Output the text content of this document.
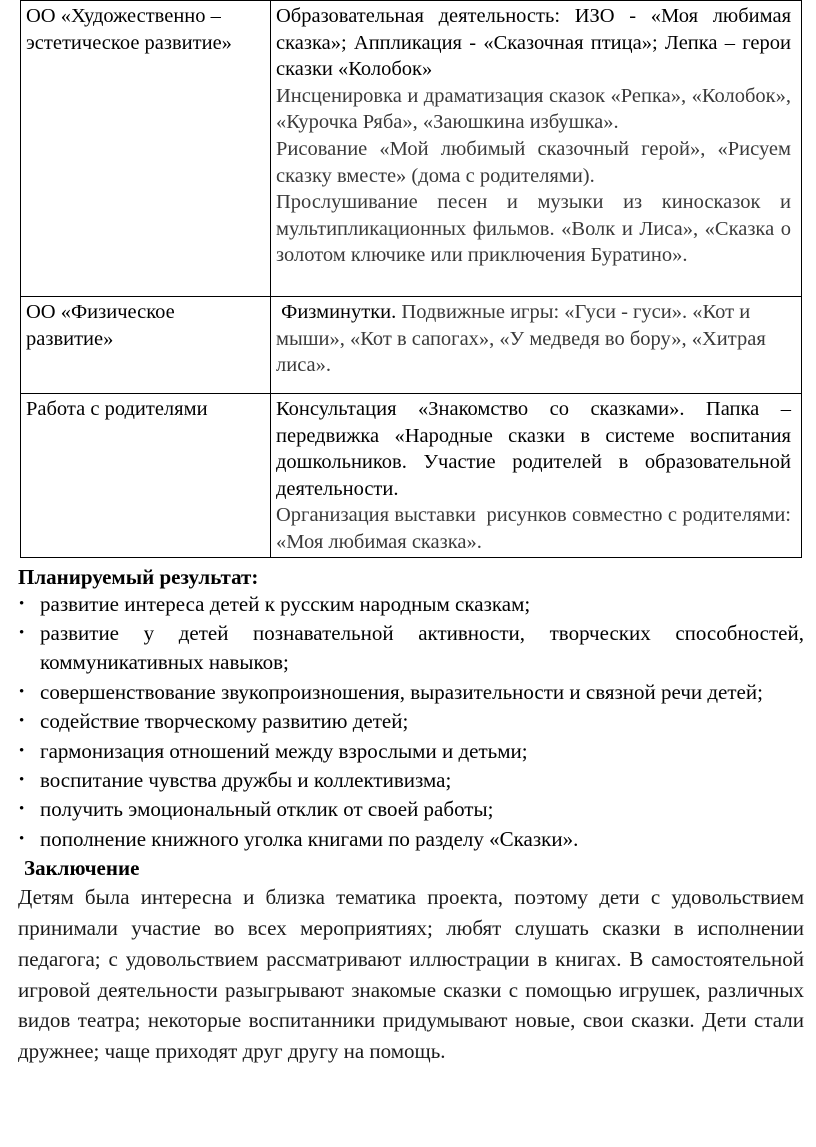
ОО «Художественно – эстетическое развитие»	Образовательная деятельность: ИЗО - «Моя любимая сказка»; Аппликация - «Сказочная птица»; Лепка – герои сказки «Колобок»

Инсценировка и драматизация сказок «Репка», «Колобок», «Курочка Ряба», «Заюшкина избушка».

Рисование «Мой любимый сказочный герой», «Рисуем сказку вместе» (дома с родителями).

Прослушивание песен и музыки из киносказок и мультипликационных фильмов. «Волк и Лиса», «Сказка о золотом ключике или приключения Буратино».

ОО «Физическое развитие»	Физминутки. Подвижные игры: «Гуси - гуси». «Кот и мыши», «Кот в сапогах», «У медведя во бору», «Хитрая лиса».
Работа с родителями	Консультация «Знакомство со сказками». Папка – передвижка «Народные сказки в системе воспитания дошкольников. Участие родителей в образовательной деятельности.

Организация выставки  рисунков совместно с родителями: «Моя любимая сказка».

Планируемый результат:
• развитие интереса детей к русским народным сказкам;
• развитие у детей познавательной активности, творческих способностей, коммуникативных навыков;
• совершенствование звукопроизношения, выразительности и связной речи детей;
• содействие творческому развитию детей;
• гармонизация отношений между взрослыми и детьми;
• воспитание чувства дружбы и коллективизма;
• получить эмоциональный отклик от своей работы;
• пополнение книжного уголка книгами по разделу «Сказки».
Заключение

Детям была интересна и близка тематика проекта, поэтому дети с удовольствием принимали участие во всех мероприятиях; любят слушать сказки в исполнении педагога; с удовольствием рассматривают иллюстрации в книгах. В самостоятельной игровой деятельности разыгрывают знакомые сказки с помощью игрушек, различных видов театра; некоторые воспитанники придумывают новые, свои сказки. Дети стали дружнее; чаще приходят друг другу на помощь.
